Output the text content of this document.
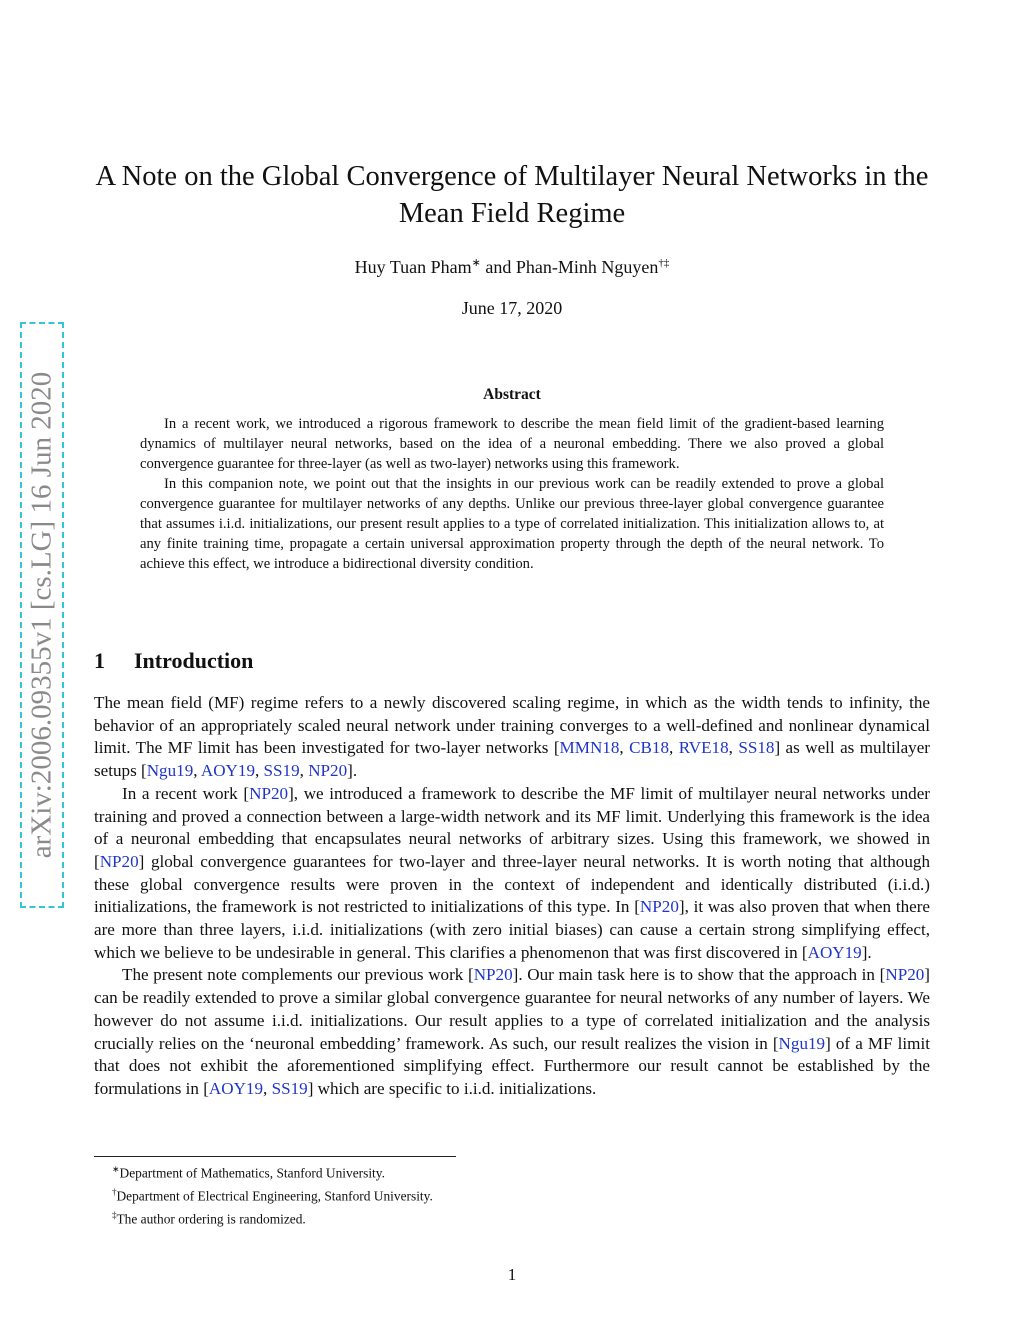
arXiv:2006.09355v1 [cs.LG] 16 Jun 2020
A Note on the Global Convergence of Multilayer Neural Networks in the Mean Field Regime
Huy Tuan Pham∗ and Phan-Minh Nguyen†‡
June 17, 2020
Abstract

In a recent work, we introduced a rigorous framework to describe the mean field limit of the gradient-based learning dynamics of multilayer neural networks, based on the idea of a neuronal embedding. There we also proved a global convergence guarantee for three-layer (as well as two-layer) networks using this framework.

In this companion note, we point out that the insights in our previous work can be readily extended to prove a global convergence guarantee for multilayer networks of any depths. Unlike our previous three-layer global convergence guarantee that assumes i.i.d. initializations, our present result applies to a type of correlated initialization. This initialization allows to, at any finite training time, propagate a certain universal approximation property through the depth of the neural network. To achieve this effect, we introduce a bidirectional diversity condition.

1 Introduction

The mean field (MF) regime refers to a newly discovered scaling regime, in which as the width tends to infinity, the behavior of an appropriately scaled neural network under training converges to a well-defined and nonlinear dynamical limit. The MF limit has been investigated for two-layer networks [MMN18, CB18, RVE18, SS18] as well as multilayer setups [Ngu19, AOY19, SS19, NP20].

In a recent work [NP20], we introduced a framework to describe the MF limit of multilayer neural networks under training and proved a connection between a large-width network and its MF limit. Underlying this framework is the idea of a neuronal embedding that encapsulates neural networks of arbitrary sizes. Using this framework, we showed in [NP20] global convergence guarantees for two-layer and three-layer neural networks. It is worth noting that although these global convergence results were proven in the context of independent and identically distributed (i.i.d.) initializations, the framework is not restricted to initializations of this type. In [NP20], it was also proven that when there are more than three layers, i.i.d. initializations (with zero initial biases) can cause a certain strong simplifying effect, which we believe to be undesirable in general. This clarifies a phenomenon that was first discovered in [AOY19].

The present note complements our previous work [NP20]. Our main task here is to show that the approach in [NP20] can be readily extended to prove a similar global convergence guarantee for neural networks of any number of layers. We however do not assume i.i.d. initializations. Our result applies to a type of correlated initialization and the analysis crucially relies on the ‘neuronal embedding’ framework. As such, our result realizes the vision in [Ngu19] of a MF limit that does not exhibit the aforementioned simplifying effect. Furthermore our result cannot be established by the formulations in [AOY19, SS19] which are specific to i.i.d. initializations.

∗Department of Mathematics, Stanford University.
†Department of Electrical Engineering, Stanford University.
‡The author ordering is randomized.
1
